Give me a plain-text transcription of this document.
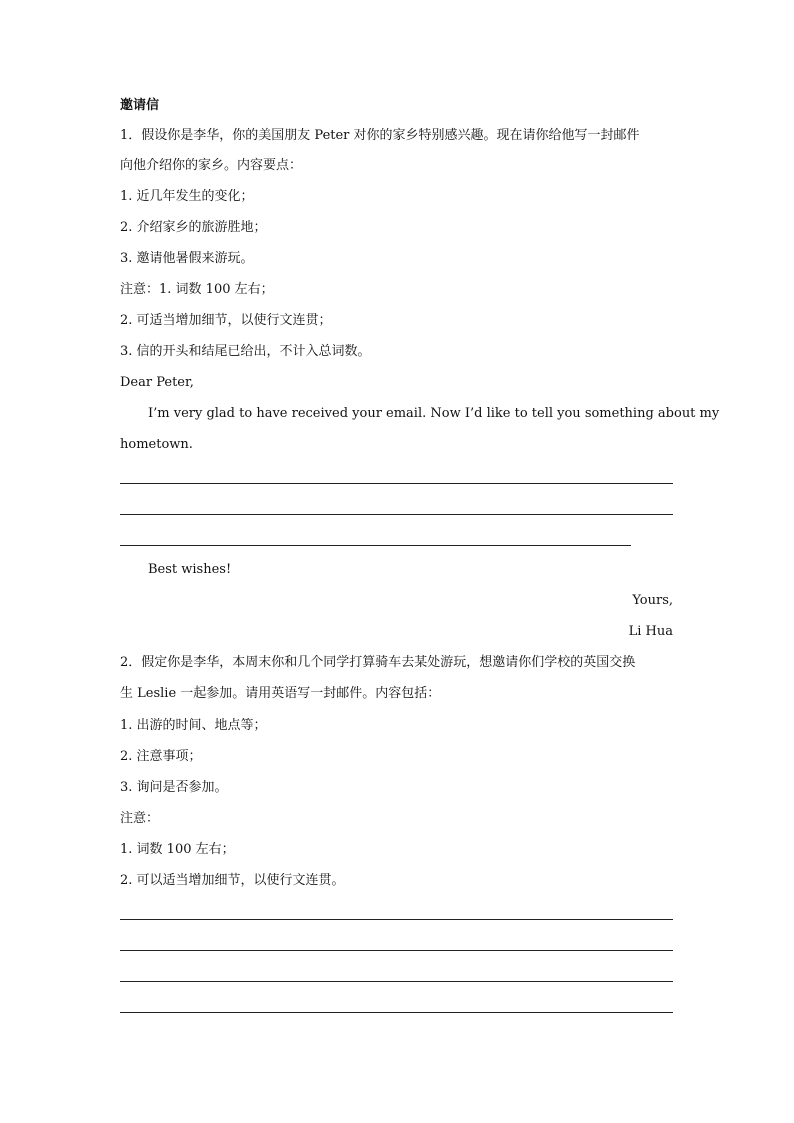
邀请信
1．假设你是李华，你的美国朋友 Peter 对你的家乡特别感兴趣。现在请你给他写一封邮件
向他介绍你的家乡。内容要点：
1. 近几年发生的变化；
2. 介绍家乡的旅游胜地；
3. 邀请他暑假来游玩。
注意：1. 词数 100 左右；
2. 可适当增加细节，以使行文连贯；
3. 信的开头和结尾已给出，不计入总词数。
Dear Peter,
I’m very glad to have received your email. Now I’d like to tell you something about my
hometown.
Best wishes!
Yours,
Li Hua
2．假定你是李华，本周末你和几个同学打算骑车去某处游玩，想邀请你们学校的英国交换
生 Leslie 一起参加。请用英语写一封邮件。内容包括：
1. 出游的时间、地点等；
2. 注意事项；
3. 询问是否参加。
注意：
1. 词数 100 左右；
2. 可以适当增加细节，以使行文连贯。
